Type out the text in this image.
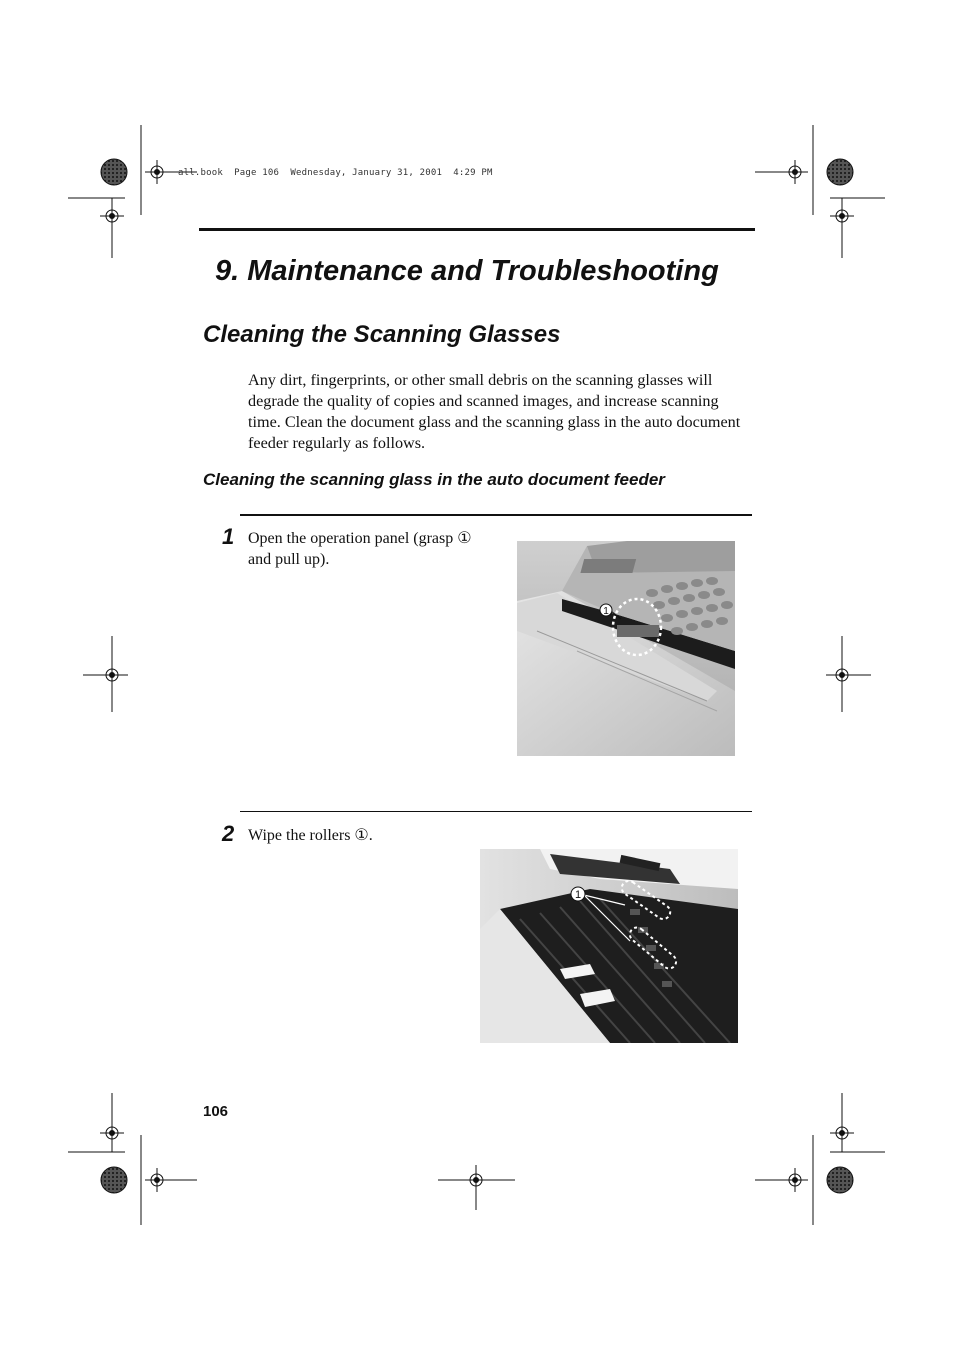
all.book  Page 106  Wednesday, January 31, 2001  4:29 PM
9. Maintenance and Troubleshooting
Cleaning the Scanning Glasses
Any dirt, fingerprints, or other small debris on the scanning glasses will degrade the quality of copies and scanned images, and increase scanning time. Clean the document glass and the scanning glass in the auto document feeder regularly as follows.
Cleaning the scanning glass in the auto document feeder
1 Open the operation panel (grasp ①
and pull up).
1
2 Wipe the rollers ①.
1
106
